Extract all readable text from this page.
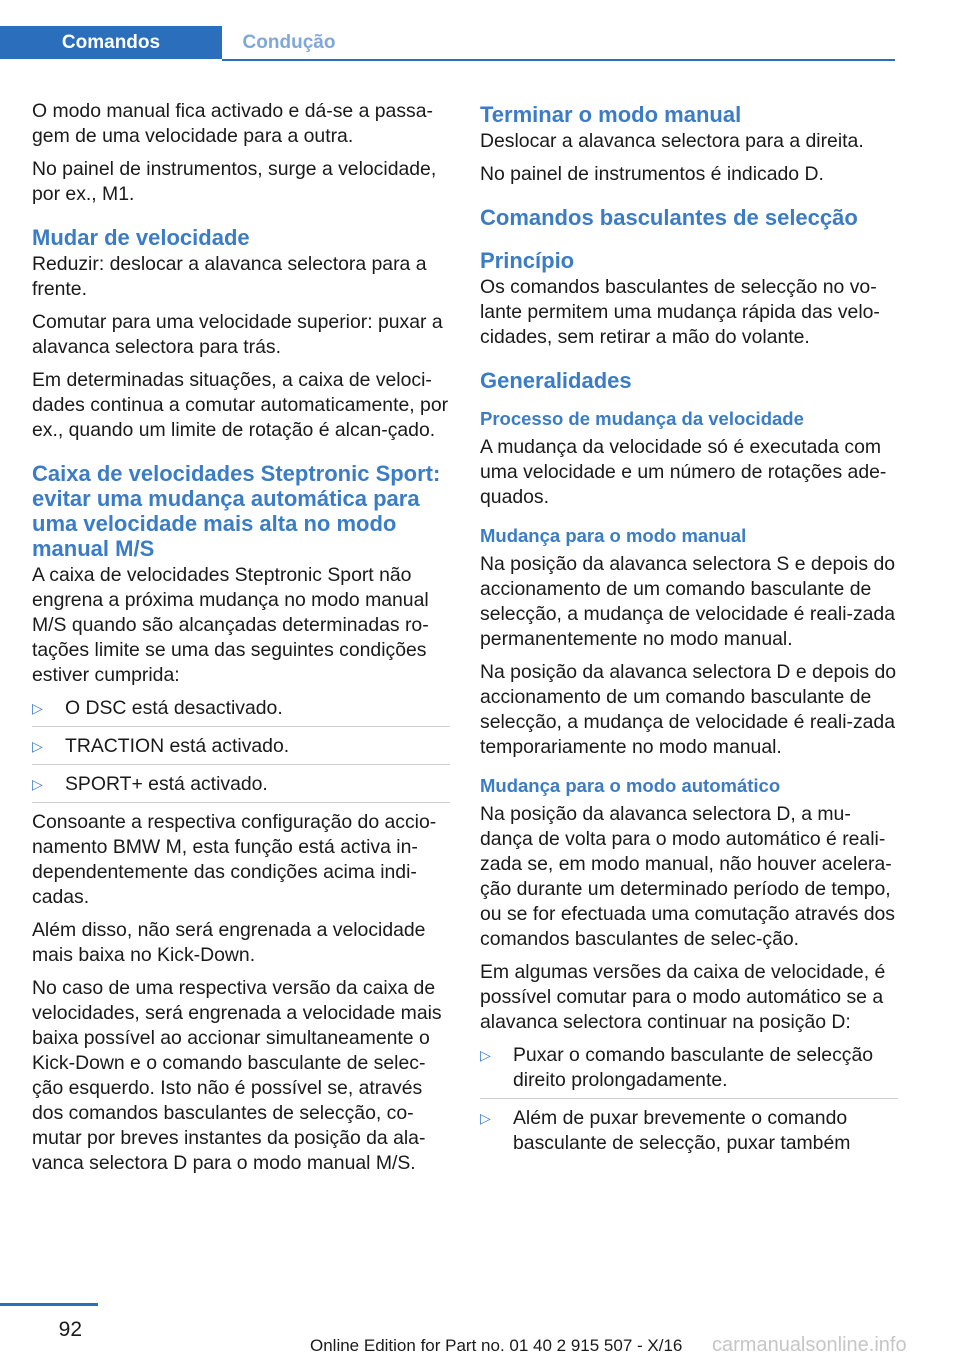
Comandos	Condução

O modo manual fica activado e dá-se a passa-gem de uma velocidade para a outra.

No painel de instrumentos, surge a velocidade, por ex., M1.

Mudar de velocidade

Reduzir: deslocar a alavanca selectora para a frente.

Comutar para uma velocidade superior: puxar a alavanca selectora para trás.

Em determinadas situações, a caixa de veloci-dades continua a comutar automaticamente, por ex., quando um limite de rotação é alcan-çado.

Caixa de velocidades Steptronic Sport: evitar uma mudança automática para uma velocidade mais alta no modo manual M/S

A caixa de velocidades Steptronic Sport não engrena a próxima mudança no modo manual M/S quando são alcançadas determinadas ro-tações limite se uma das seguintes condições estiver cumprida:

▷ O DSC está desactivado.
▷ TRACTION está activado.
▷ SPORT+ está activado.

Consoante a respectiva configuração do accio-namento BMW M, esta função está activa in-dependentemente das condições acima indi-cadas.

Além disso, não será engrenada a velocidade mais baixa no Kick-Down.

No caso de uma respectiva versão da caixa de velocidades, será engrenada a velocidade mais baixa possível ao accionar simultaneamente o Kick-Down e o comando basculante de selec-ção esquerdo. Isto não é possível se, através dos comandos basculantes de selecção, co-mutar por breves instantes da posição da ala-vanca selectora D para o modo manual M/S.

Terminar o modo manual

Deslocar a alavanca selectora para a direita.

No painel de instrumentos é indicado D.

Comandos basculantes de selecção
Princípio

Os comandos basculantes de selecção no vo-lante permitem uma mudança rápida das velo-cidades, sem retirar a mão do volante.

Generalidades
Processo de mudança da velocidade

A mudança da velocidade só é executada com uma velocidade e um número de rotações ade-quados.

Mudança para o modo manual

Na posição da alavanca selectora S e depois do accionamento de um comando basculante de selecção, a mudança de velocidade é reali-zada permanentemente no modo manual.

Na posição da alavanca selectora D e depois do accionamento de um comando basculante de selecção, a mudança de velocidade é reali-zada temporariamente no modo manual.

Mudança para o modo automático

Na posição da alavanca selectora D, a mu-dança de volta para o modo automático é reali-zada se, em modo manual, não houver acelera-ção durante um determinado período de tempo, ou se for efectuada uma comutação através dos comandos basculantes de selec-ção.

Em algumas versões da caixa de velocidade, é possível comutar para o modo automático se a alavanca selectora continuar na posição D:

▷ Puxar o comando basculante de selecção direito prolongadamente.
▷ Além de puxar brevemente o comando basculante de selecção, puxar também
92
Online Edition for Part no. 01 40 2 915 507 - X/16 carmanualsonline.info
